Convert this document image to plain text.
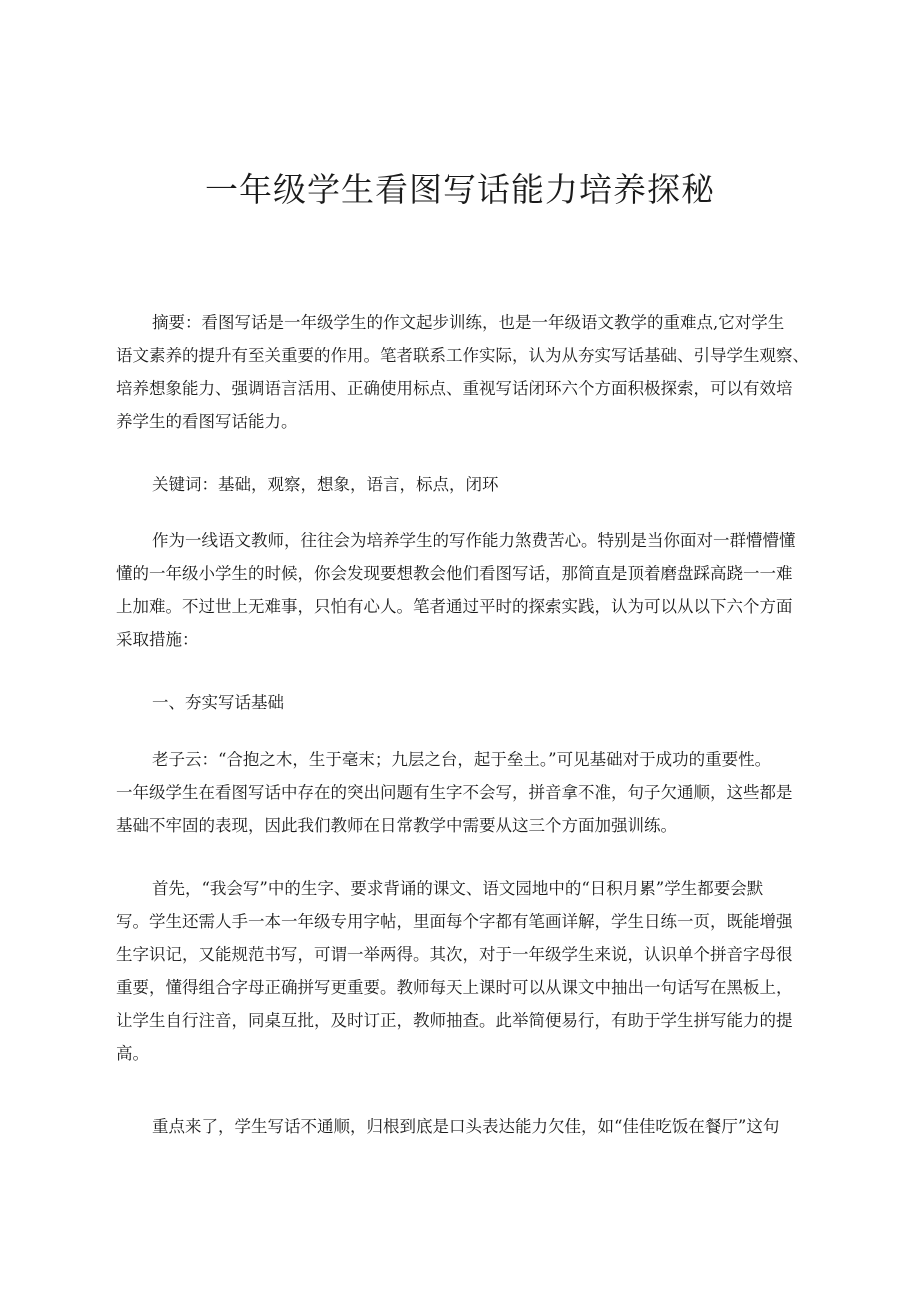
一年级学生看图写话能力培养探秘

摘要：看图写话是一年级学生的作文起步训练，也是一年级语文教学的重难点,它对学生
语文素养的提升有至关重要的作用。笔者联系工作实际，认为从夯实写话基础、引导学生观察、
培养想象能力、强调语言活用、正确使用标点、重视写话闭环六个方面积极探索，可以有效培
养学生的看图写话能力。

关键词：基础，观察，想象，语言，标点，闭环

作为一线语文教师，往往会为培养学生的写作能力煞费苦心。特别是当你面对一群懵懵懂
懂的一年级小学生的时候，你会发现要想教会他们看图写话，那简直是顶着磨盘踩高跷一一难
上加难。不过世上无难事，只怕有心人。笔者通过平时的探索实践，认为可以从以下六个方面
采取措施：

一、夯实写话基础

老子云：“合抱之木，生于毫末；九层之台，起于垒土。”可见基础对于成功的重要性。
一年级学生在看图写话中存在的突出问题有生字不会写，拼音拿不准，句子欠通顺，这些都是
基础不牢固的表现，因此我们教师在日常教学中需要从这三个方面加强训练。

首先，“我会写”中的生字、要求背诵的课文、语文园地中的“日积月累”学生都要会默
写。学生还需人手一本一年级专用字帖，里面每个字都有笔画详解，学生日练一页，既能增强
生字识记，又能规范书写，可谓一举两得。其次，对于一年级学生来说，认识单个拼音字母很
重要，懂得组合字母正确拼写更重要。教师每天上课时可以从课文中抽出一句话写在黑板上，
让学生自行注音，同桌互批，及时订正，教师抽查。此举简便易行，有助于学生拼写能力的提
高。

重点来了，学生写话不通顺，归根到底是口头表达能力欠佳，如“佳佳吃饭在餐厅”这句
